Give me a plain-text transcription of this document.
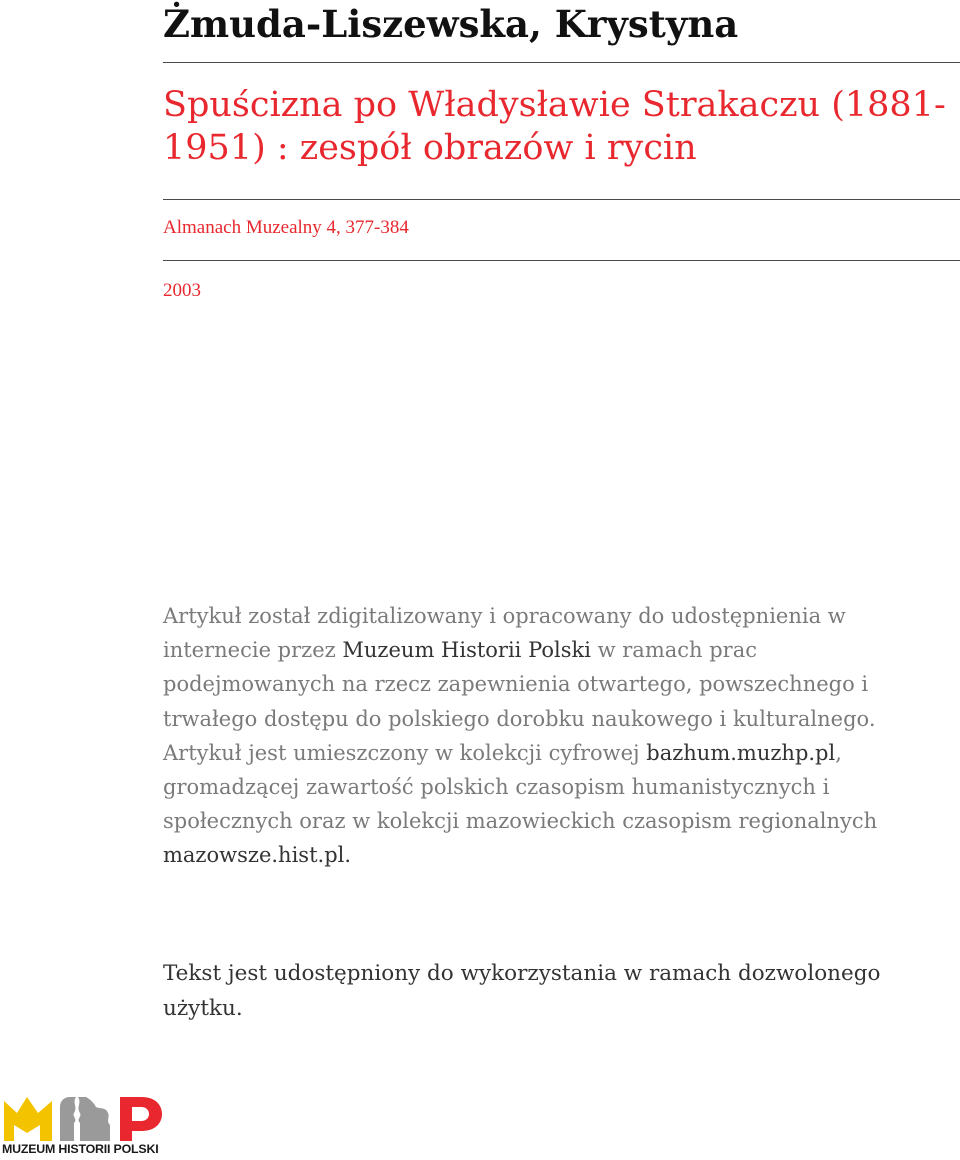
Żmuda-Liszewska, Krystyna
Spuścizna po Władysławie Strakaczu (1881-1951) : zespół obrazów i rycin
Almanach Muzealny 4, 377-384
2003
Artykuł został zdigitalizowany i opracowany do udostępnienia w internecie przez Muzeum Historii Polski w ramach prac podejmowanych na rzecz zapewnienia otwartego, powszechnego i trwałego dostępu do polskiego dorobku naukowego i kulturalnego. Artykuł jest umieszczony w kolekcji cyfrowej bazhum.muzhp.pl, gromadzącej zawartość polskich czasopism humanistycznych i społecznych oraz w kolekcji mazowieckich czasopism regionalnych mazowsze.hist.pl.
Tekst jest udostępniony do wykorzystania w ramach dozwolonego użytku.
MUZEUM HISTORII POLSKI
